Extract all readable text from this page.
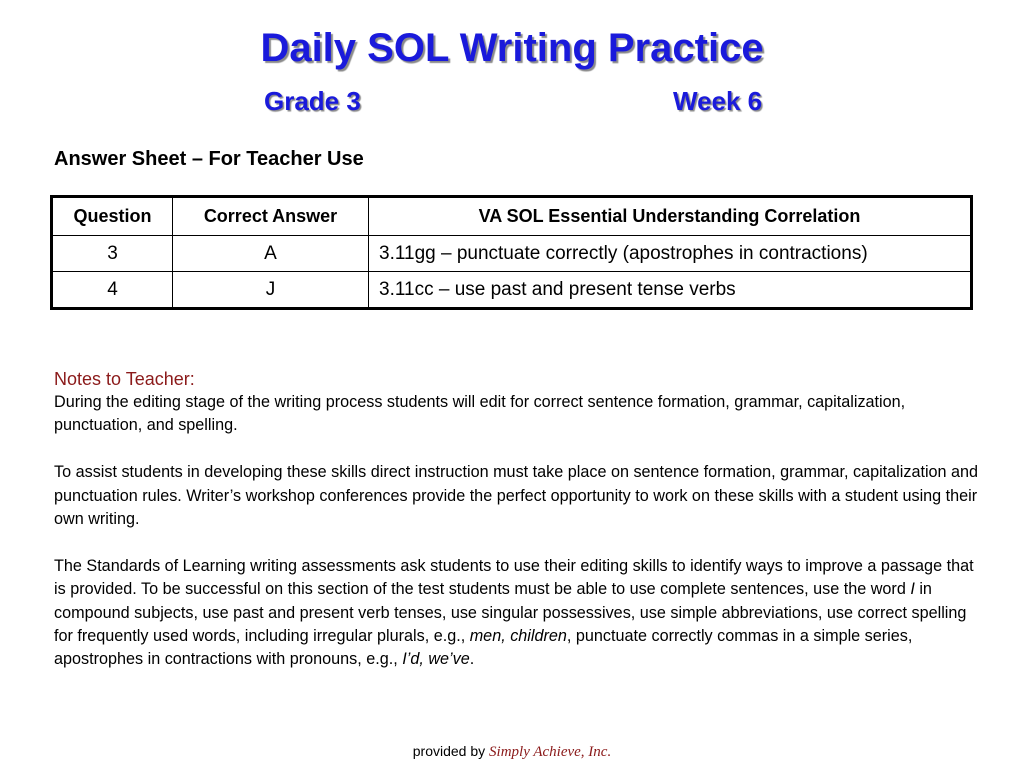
Daily SOL Writing Practice
Grade 3	Week 6
Answer Sheet – For Teacher Use
Question	Correct Answer	VA SOL Essential Understanding Correlation
3	A	3.11gg – punctuate correctly (apostrophes in contractions)
4	J	3.11cc – use past and present tense verbs
Notes to Teacher:

During the editing stage of the writing process students will edit for correct sentence formation, grammar, capitalization, punctuation, and spelling.

To assist students in developing these skills direct instruction must take place on sentence formation, grammar, capitalization and punctuation rules. Writer’s workshop conferences provide the perfect opportunity to work on these skills with a student using their own writing.

The Standards of Learning writing assessments ask students to use their editing skills to identify ways to improve a passage that is provided. To be successful on this section of the test students must be able to use complete sentences, use the word I in compound subjects, use past and present verb tenses, use singular possessives, use simple abbreviations, use correct spelling for frequently used words, including irregular plurals, e.g., men, children, punctuate correctly commas in a simple series, apostrophes in contractions with pronouns, e.g., I’d, we’ve.

provided by Simply Achieve, Inc.
